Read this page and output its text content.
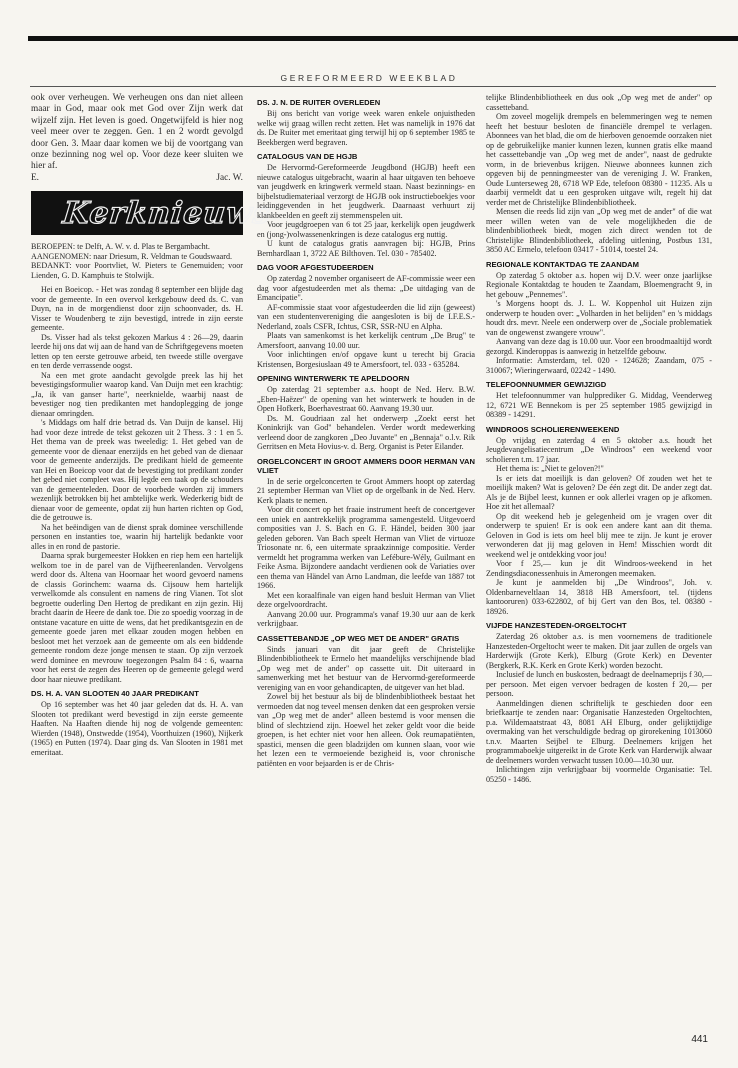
GEREFORMEERD WEEKBLAD

ook over verheugen. We verheugen ons dan niet alleen maar in God, maar ook met God over Zijn werk dat wijzelf zijn. Het leven is goed. Ongetwijfeld is hier nog veel meer over te zeggen. Gen. 1 en 2 wordt gevolgd door Gen. 3. Maar daar komen we bij de voortgang van onze bezinning nog wel op. Voor deze keer sluiten we hier af.

E.	Jac. W.
Kerknieuws

BEROEPEN: te Delft, A. W. v. d. Plas te Bergambacht.

AANGENOMEN: naar Driesum, R. Veldman te Goudswaard.

BEDANKT: voor Poortvliet, W. Pieters te Genemuiden; voor Lienden, G. D. Kamphuis te Stolwijk.

Hei en Boeicop. - Het was zondag 8 september een blijde dag voor de gemeente. In een overvol kerkgebouw deed ds. C. van Duyn, na in de morgendienst door zijn schoonvader, ds. H. Visser te Woudenberg te zijn bevestigd, intrede in zijn eerste gemeente.

Ds. Visser had als tekst gekozen Markus 4 : 26—29, daarin leerde hij ons dat wij aan de hand van de Schriftgegevens moeten letten op ten eerste getrouwe arbeid, ten tweede stille overgave en ten derde verrassende oogst.

Na een met grote aandacht gevolgde preek las hij het bevestigingsformulier waarop kand. Van Duijn met een krachtig: „Ja, ik van ganser harte", neerknielde, waarbij naast de bevestiger nog tien predikanten met handoplegging de jonge dienaar omringden.

's Middags om half drie betrad ds. Van Duijn de kansel. Hij had voor deze intrede de tekst gekozen uit 2 Thess. 3 : 1 en 5. Het thema van de preek was tweeledig: 1. Het gebed van de gemeente voor de dienaar enerzijds en het gebed van de dienaar voor de gemeente anderzijds. De predikant hield de gemeente van Hei en Boeicop voor dat de bevestiging tot predikant zonder het gebed niet compleet was. Hij legde een taak op de schouders van de gemeenteleden. Door de voorbede worden zij immers wezenlijk betrokken bij het ambtelijke werk. Wederkerig bidt de dienaar voor de gemeente, opdat zij hun harten richten op God, die de getrouwe is.

Na het beëindigen van de dienst sprak dominee verschillende personen en instanties toe, waarin hij hartelijk bedankte voor alles in en rond de pastorie.

Daarna sprak burgemeester Hokken en riep hem een hartelijk welkom toe in de parel van de Vijfheerenlanden. Vervolgens werd door ds. Altena van Hoornaar het woord gevoerd namens de classis Gorinchem: waarna ds. Cijsouw hem hartelijk verwelkomde als consulent en namens de ring Vianen. Tot slot begroette ouderling Den Hertog de predikant en zijn gezin. Hij bracht daarin de Heere de dank toe. Die zo spoedig voorzag in de ontstane vacature en uitte de wens, dat het predikantsgezin en de gemeente goede jaren met elkaar zouden mogen hebben en besloot met het verzoek aan de gemeente om als een biddende gemeente rondom deze jonge mensen te staan. Op zijn verzoek werd dominee en mevrouw toegezongen Psalm 84 : 6, waarna voor het eerst de zegen des Heeren op de gemeente gelegd werd door haar nieuwe predikant.

DS. H. A. VAN SLOOTEN 40 JAAR PREDIKANT

Op 16 september was het 40 jaar geleden dat ds. H. A. van Slooten tot predikant werd bevestigd in zijn eerste gemeente Haaften. Na Haaften diende hij nog de volgende gemeenten: Wierden (1948), Onstwedde (1954), Voorthuizen (1960), Nijkerk (1965) en Putten (1974). Daar ging ds. Van Slooten in 1981 met emeritaat.

DS. J. N. DE RUITER OVERLEDEN

Bij ons bericht van vorige week waren enkele onjuistheden welke wij graag willen recht zetten. Het was namelijk in 1976 dat ds. De Ruiter met emeritaat ging terwijl hij op 6 september 1985 te Beekbergen werd begraven.

CATALOGUS VAN DE HGJB

De Hervormd-Gereformeerde Jeugdbond (HGJB) heeft een nieuwe catalogus uitgebracht, waarin al haar uitgaven ten behoeve van jeugdwerk en kringwerk vermeld staan. Naast bezinnings- en bijbelstudiemateriaal verzorgt de HGJB ook instructieboekjes voor leidinggevenden in het jeugdwerk. Daarnaast verhuurt zij klankbeelden en geeft zij stemmenspelen uit.

Voor jeugdgroepen van 6 tot 25 jaar, kerkelijk open jeugdwerk en (jong-)volwassenenkringen is deze catalogus erg nuttig.

U kunt de catalogus gratis aanvragen bij: HGJB, Prins Bernhardlaan 1, 3722 AE Bilthoven. Tel. 030 - 785402.

DAG VOOR AFGESTUDEERDEN

Op zaterdag 2 november organiseert de AF-commissie weer een dag voor afgestudeerden met als thema: „De uitdaging van de Emancipatie".

AF-commissie staat voor afgestudeerden die lid zijn (geweest) van een studentenvereniging die aangesloten is bij de I.F.E.S.-Nederland, zoals CSFR, Ichtus, CSR, SSR-NU en Alpha.

Plaats van samenkomst is het kerkelijk centrum „De Brug" te Amersfoort, aanvang 10.00 uur.

Voor inlichtingen en/of opgave kunt u terecht bij Gracia Kristensen, Borgesiuslaan 49 te Amersfoort, tel. 033 - 635284.

OPENING WINTERWERK TE APELDOORN

Op zaterdag 21 september a.s. hoopt de Ned. Herv. B.W. „Eben-Haëzer" de opening van het winterwerk te houden in de Open Hofkerk, Boerhavestraat 60. Aanvang 19.30 uur.

Ds. M. Goudriaan zal het onderwerp „Zoekt eerst het Koninkrijk van God" behandelen. Verder wordt medewerking verleend door de zangkoren „Deo Juvante" en „Bennaja" o.l.v. Rik Gerritsen en Meta Hovius-v. d. Berg. Organist is Peter Eilander.

ORGELCONCERT IN GROOT AMMERS DOOR HERMAN VAN VLIET

In de serie orgelconcerten te Groot Ammers hoopt op zaterdag 21 september Herman van Vliet op de orgelbank in de Ned. Herv. Kerk plaats te nemen.

Voor dit concert op het fraaie instrument heeft de concertgever een uniek en aantrekkelijk programma samengesteld. Uitgevoerd composities van J. S. Bach en G. F. Händel, beiden 300 jaar geleden geboren. Van Bach speelt Herman van Vliet de virtuoze Triosonate nr. 6, een uitermate spraakzinnige compositie. Verder vermeldt het programma werken van Lefébure-Wély, Guilmant en Feike Asma. Bijzondere aandacht verdienen ook de Variaties over een thema van Händel van Arno Landman, die leefde van 1887 tot 1966.

Met een koraalfinale van eigen hand besluit Herman van Vliet deze orgelvoordracht.

Aanvang 20.00 uur. Programma's vanaf 19.30 uur aan de kerk verkrijgbaar.

CASSETTEBANDJE „OP WEG MET DE ANDER" GRATIS

Sinds januari van dit jaar geeft de Christelijke Blindenbibliotheek te Ermelo het maandelijks verschijnende blad „Op weg met de ander" op cassette uit. Dit uiteraard in samenwerking met het bestuur van de Hervormd-gereformeerde vereniging van en voor gehandicapten, de uitgever van het blad.

Zowel bij het bestuur als bij de blindenbibliotheek bestaat het vermoeden dat nog teveel mensen denken dat een gesproken versie van „Op weg met de ander" alleen bestemd is voor mensen die blind of slechtziend zijn. Hoewel het zeker geldt voor die beide groepen, is het echter niet voor hen alleen. Ook reumapatiënten, spastici, mensen die geen bladzijden om kunnen slaan, voor wie het lezen een te vermoeiende bezigheid is, voor chronische patiënten en voor bejaarden is er de Chris-

telijke Blindenbibliotheek en dus ook „Op weg met de ander" op cassetteband.

Om zoveel mogelijk drempels en belemmeringen weg te nemen heeft het bestuur besloten de financiële drempel te verlagen. Abonnees van het blad, die om de hierboven genoemde oorzaken niet op de gebruikelijke manier kunnen lezen, kunnen gratis elke maand het cassettebandje van „Op weg met de ander", naast de gedrukte vorm, in de brievenbus krijgen. Nieuwe abonnees kunnen zich opgeven bij de penningmeester van de vereniging J. W. Franken, Oude Lunterseweg 28, 6718 WP Ede, telefoon 08380 - 11235. Als u daarbij vermeldt dat u een gesproken uitgave wilt, regelt hij dat verder met de Christelijke Blindenbibliotheek.

Mensen die reeds lid zijn van „Op weg met de ander" of die wat meer willen weten van de vele mogelijkheden die de blindenbibliotheek biedt, mogen zich direct wenden tot de Christelijke Blindenbibliotheek, afdeling uitlening, Postbus 131, 3850 AC Ermelo, telefoon 03417 - 51014, toestel 24.

REGIONALE KONTAKTDAG TE ZAANDAM

Op zaterdag 5 oktober a.s. hopen wij D.V. weer onze jaarlijkse Regionale Kontaktdag te houden te Zaandam, Bloemengracht 9, in het gebouw „Pennemes".

's Morgens hoopt ds. J. L. W. Koppenhol uit Huizen zijn onderwerp te houden over: „Volharden in het belijden" en 's middags houdt drs. mevr. Neele een onderwerp over de „Sociale problematiek van de ongewenst zwangere vrouw".

Aanvang van deze dag is 10.00 uur. Voor een broodmaaltijd wordt gezorgd. Kinderoppas is aanwezig in hetzelfde gebouw.

Informatie: Amsterdam, tel. 020 - 124628; Zaandam, 075 - 310067; Wieringerwaard, 02242 - 1490.

TELEFOONNUMMER GEWIJZIGD

Het telefoonnummer van hulpprediker G. Middag, Veenderweg 12, 6721 WE Bennekom is per 25 september 1985 gewijzigd in 08389 - 14291.

WINDROOS SCHOLIERENWEEKEND

Op vrijdag en zaterdag 4 en 5 oktober a.s. houdt het Jeugdevangelisatiecentrum „De Windroos" een weekend voor scholieren t.m. 17 jaar.

Het thema is: „Niet te geloven?!"

Is er iets dat moeilijk is dan geloven? Of zouden wet het te moeilijk maken? Wat is geloven? De één zegt dit. De ander zegt dat. Als je de Bijbel leest, kunnen er ook allerlei vragen op je afkomen. Hoe zit het allemaal?

Op dit weekend heb je gelegenheid om je vragen over dit onderwerp te spuien! Er is ook een andere kant aan dit thema. Geloven in God is iets om heel blij mee te zijn. Je kunt je erover verwonderen dat jij mag geloven in Hem! Misschien wordt dit weekend wel je ontdekking voor jou!

Voor f 25,— kun je dit Windroos-weekend in het Zendingsdiaconessenhuis in Amerongen meemaken.

Je kunt je aanmelden bij „De Windroos", Joh. v. Oldenbarneveltlaan 14, 3818 HB Amersfoort, tel. (tijdens kantooruren) 033-622802, of bij Gert van den Bos, tel. 08380 - 18926.

VIJFDE HANZESTEDEN-ORGELTOCHT

Zaterdag 26 oktober a.s. is men voornemens de traditionele Hanzesteden-Orgeltocht weer te maken. Dit jaar zullen de orgels van Harderwijk (Grote Kerk), Elburg (Grote Kerk) en Deventer (Bergkerk, R.K. Kerk en Grote Kerk) worden bezocht.

Inclusief de lunch en buskosten, bedraagt de deelnameprijs f 30,— per persoon. Met eigen vervoer bedragen de kosten f 20,— per persoon.

Aanmeldingen dienen schriftelijk te geschieden door een briefkaartje te zenden naar: Organisatie Hanzesteden Orgeltochten, p.a. Wildemaatstraat 43, 8081 AH Elburg, onder gelijktijdige overmaking van het verschuldigde bedrag op girorekening 1013060 t.n.v. Maarten Seijbel te Elburg. Deelnemers krijgen het programmaboekje uitgereikt in de Grote Kerk van Harderwijk alwaar de deelnemers worden verwacht tussen 10.00—10.30 uur.

Inlichtingen zijn verkrijgbaar bij voormelde Organisatie: Tel. 05250 - 1486.

441
